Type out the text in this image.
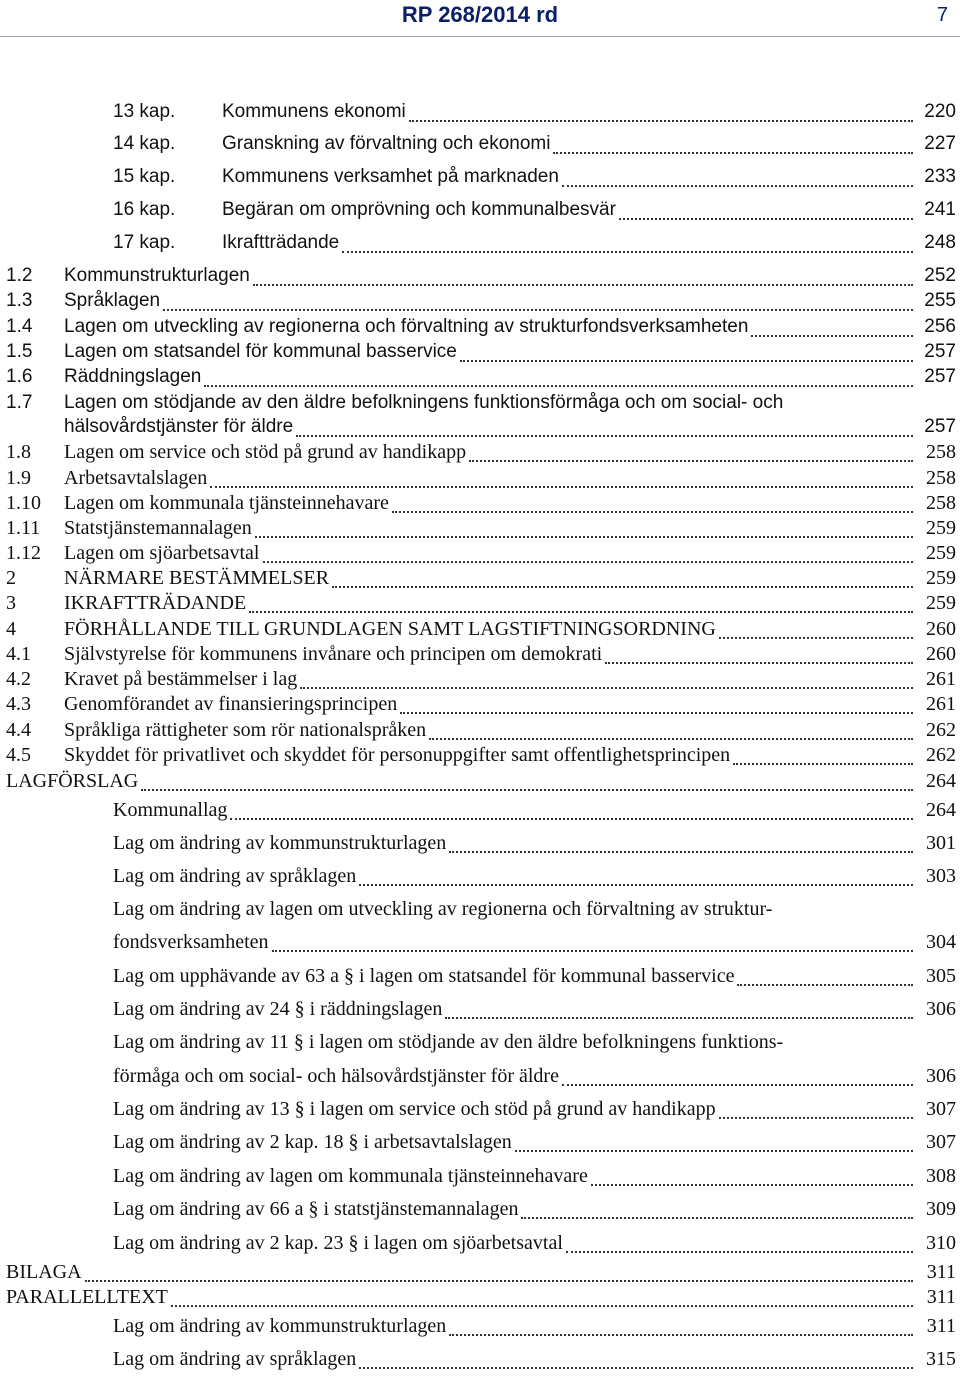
RP 268/2014 rd	7
13 kap.	Kommunens ekonomi	220
14 kap.	Granskning av förvaltning och ekonomi	227
15 kap.	Kommunens verksamhet på marknaden	233
16 kap.	Begäran om omprövning och kommunalbesvär	241
17 kap.	Ikraftträdande	248
1.2	Kommunstrukturlagen	252
1.3	Språklagen	255
1.4	Lagen om utveckling av regionerna och förvaltning av strukturfondsverksamheten	256
1.5	Lagen om statsandel för kommunal basservice	257
1.6	Räddningslagen	257
1.7	Lagen om stödjande av den äldre befolkningens funktionsförmåga och om social- och
hälsovårdstjänster för äldre	257
1.8	Lagen om service och stöd på grund av handikapp	258
1.9	Arbetsavtalslagen	258
1.10	Lagen om kommunala tjänsteinnehavare	258
1.11	Statstjänstemannalagen	259
1.12	Lagen om sjöarbetsavtal	259
2	NÄRMARE BESTÄMMELSER	259
3	IKRAFTTRÄDANDE	259
4	FÖRHÅLLANDE TILL GRUNDLAGEN SAMT LAGSTIFTNINGSORDNING	260
4.1	Självstyrelse för kommunens invånare och principen om demokrati	260
4.2	Kravet på bestämmelser i lag	261
4.3	Genomförandet av finansieringsprincipen	261
4.4	Språkliga rättigheter som rör nationalspråken	262
4.5	Skyddet för privatlivet och skyddet för personuppgifter samt offentlighetsprincipen	262
LAGFÖRSLAG	264
Kommunallag	264
Lag om ändring av kommunstrukturlagen	301
Lag om ändring av språklagen	303
Lag om ändring av lagen om utveckling av regionerna och förvaltning av struktur-
fondsverksamheten	304
Lag om upphävande av 63 a § i lagen om statsandel för kommunal basservice	305
Lag om ändring av 24 § i räddningslagen	306
Lag om ändring av 11 § i lagen om stödjande av den äldre befolkningens funktions-
förmåga och om social- och hälsovårdstjänster för äldre	306
Lag om ändring av 13 § i lagen om service och stöd på grund av handikapp	307
Lag om ändring av 2 kap. 18 § i arbetsavtalslagen	307
Lag om ändring av lagen om kommunala tjänsteinnehavare	308
Lag om ändring av 66 a § i statstjänstemannalagen	309
Lag om ändring av 2 kap. 23 § i lagen om sjöarbetsavtal	310
BILAGA	311
PARALLELLTEXT	311
Lag om ändring av kommunstrukturlagen	311
Lag om ändring av språklagen	315
